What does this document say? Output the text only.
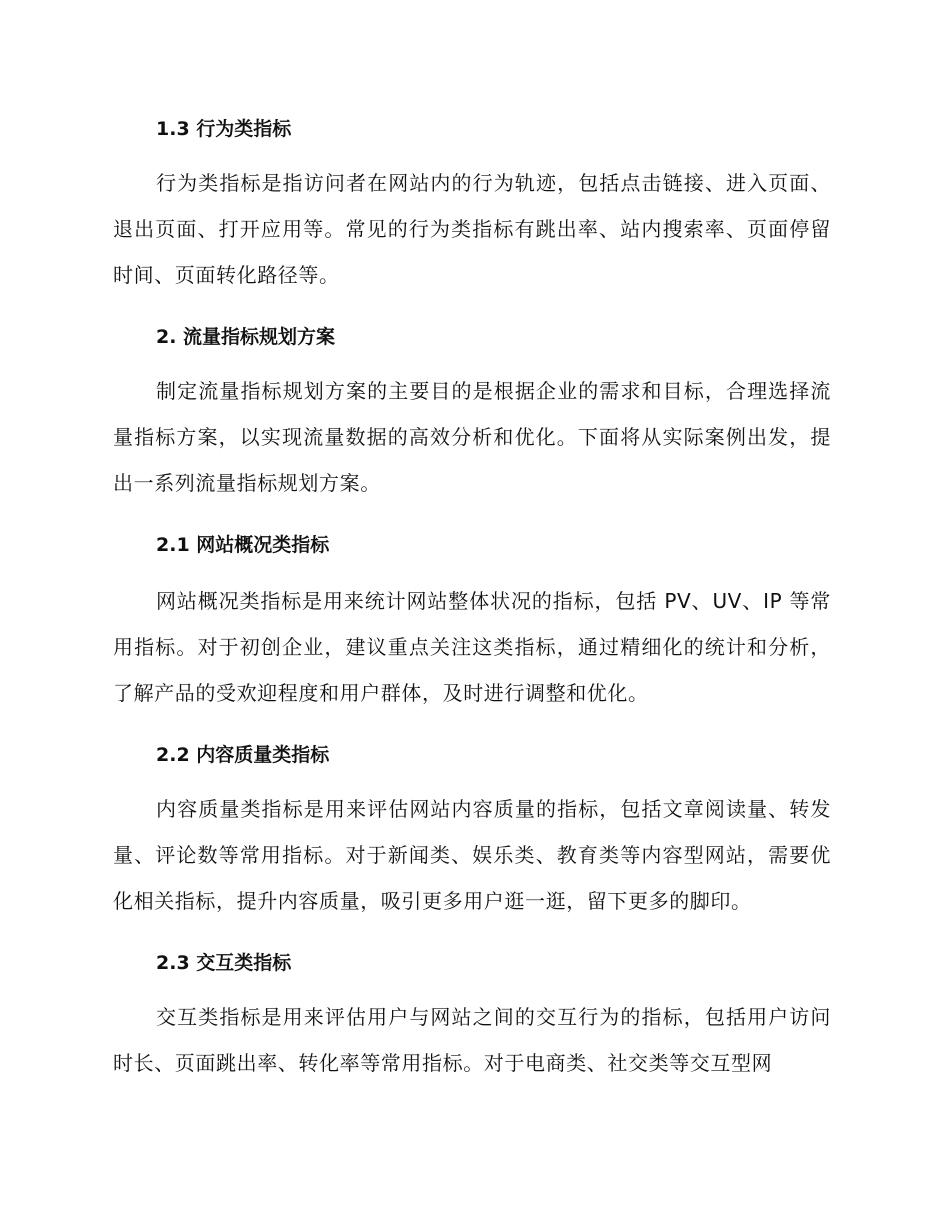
1.3 行为类指标

行为类指标是指访问者在网站内的行为轨迹，包括点击链接、进入页面、退出页面、打开应用等。常见的行为类指标有跳出率、站内搜索率、页面停留时间、页面转化路径等。

2. 流量指标规划方案

制定流量指标规划方案的主要目的是根据企业的需求和目标，合理选择流量指标方案，以实现流量数据的高效分析和优化。下面将从实际案例出发，提出一系列流量指标规划方案。

2.1 网站概况类指标

网站概况类指标是用来统计网站整体状况的指标，包括 PV、UV、IP 等常用指标。对于初创企业，建议重点关注这类指标，通过精细化的统计和分析，了解产品的受欢迎程度和用户群体，及时进行调整和优化。

2.2 内容质量类指标

内容质量类指标是用来评估网站内容质量的指标，包括文章阅读量、转发量、评论数等常用指标。对于新闻类、娱乐类、教育类等内容型网站，需要优化相关指标，提升内容质量，吸引更多用户逛一逛，留下更多的脚印。

2.3 交互类指标

交互类指标是用来评估用户与网站之间的交互行为的指标，包括用户访问时长、页面跳出率、转化率等常用指标。对于电商类、社交类等交互型网
